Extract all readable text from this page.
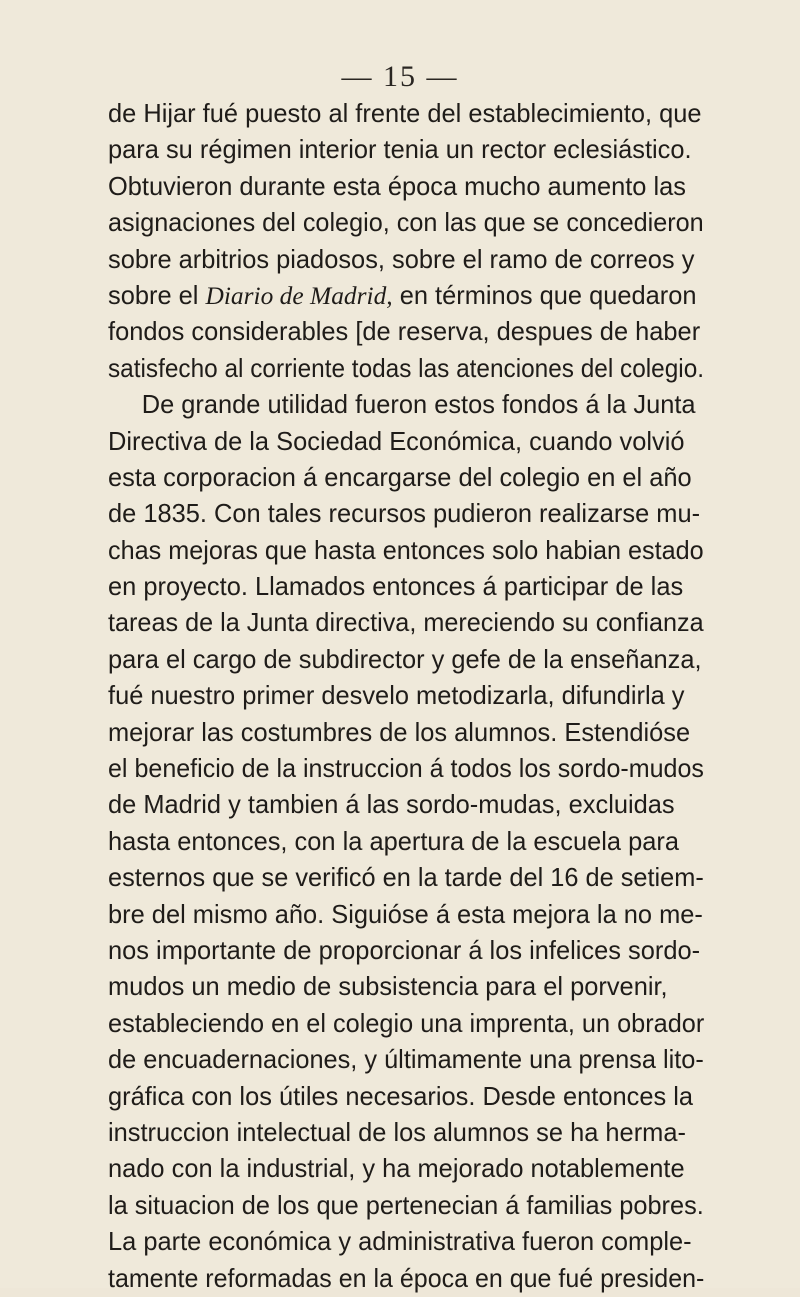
— 15 —
de Hijar fué puesto al frente del establecimiento, que
para su régimen interior tenia un rector eclesiástico.
Obtuvieron durante esta época mucho aumento las
asignaciones del colegio, con las que se concedieron
sobre arbitrios piadosos, sobre el ramo de correos y
sobre el Diario de Madrid, en términos que quedaron
fondos considerables [de reserva, despues de haber
satisfecho al corriente todas las atenciones del colegio.
De grande utilidad fueron estos fondos á la Junta
Directiva de la Sociedad Económica, cuando volvió
esta corporacion á encargarse del colegio en el año
de 1835. Con tales recursos pudieron realizarse mu-
chas mejoras que hasta entonces solo habian estado
en proyecto. Llamados entonces á participar de las
tareas de la Junta directiva, mereciendo su confianza
para el cargo de subdirector y gefe de la enseñanza,
fué nuestro primer desvelo metodizarla, difundirla y
mejorar las costumbres de los alumnos. Estendióse
el beneficio de la instruccion á todos los sordo-mudos
de Madrid y tambien á las sordo-mudas, excluidas
hasta entonces, con la apertura de la escuela para
esternos que se verificó en la tarde del 16 de setiem-
bre del mismo año. Siguióse á esta mejora la no me-
nos importante de proporcionar á los infelices sordo-
mudos un medio de subsistencia para el porvenir,
estableciendo en el colegio una imprenta, un obrador
de encuadernaciones, y últimamente una prensa lito-
gráfica con los útiles necesarios. Desde entonces la
instruccion intelectual de los alumnos se ha herma-
nado con la industrial, y ha mejorado notablemente
la situacion de los que pertenecian á familias pobres.
La parte económica y administrativa fueron comple-
tamente reformadas en la época en que fué presiden-
